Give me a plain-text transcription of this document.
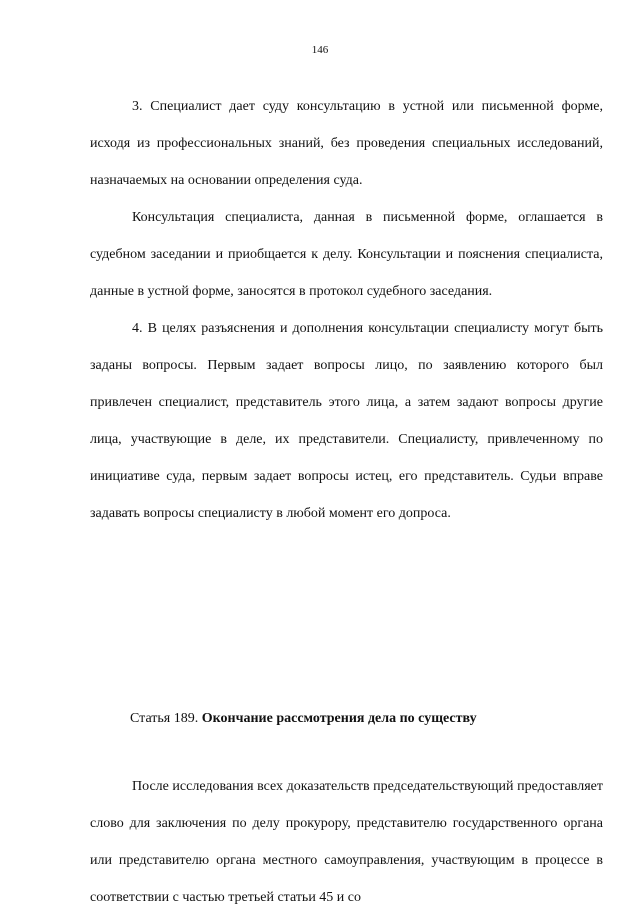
146

3. Специалист дает суду консультацию в устной или письменной форме, исходя из профессиональных знаний, без проведения специальных исследований, назначаемых на основании определения суда.

Консультация специалиста, данная в письменной форме, оглашается в судебном заседании и приобщается к делу. Консультации и пояснения специалиста, данные в устной форме, заносятся в протокол судебного заседания.

4. В целях разъяснения и дополнения консультации специалисту могут быть заданы вопросы. Первым задает вопросы лицо, по заявлению которого был привлечен специалист, представитель этого лица, а затем задают вопросы другие лица, участвующие в деле, их представители. Специалисту, привлеченному по инициативе суда, первым задает вопросы истец, его представитель. Судьи вправе задавать вопросы специалисту в любой момент его допроса.

Статья 189. Окончание рассмотрения дела по существу

После исследования всех доказательств председательствующий предоставляет слово для заключения по делу прокурору, представителю государственного органа или представителю органа местного самоуправления, участвующим в процессе в соответствии с частью третьей статьи 45 и со
